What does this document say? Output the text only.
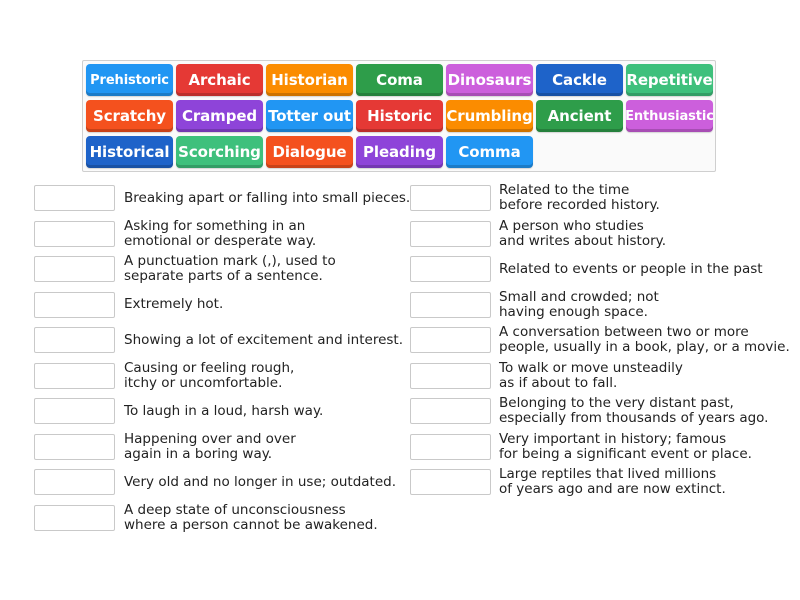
Prehistoric	Archaic	Historian	Coma	Dinosaurs	Cackle	Repetitive
Scratchy	Cramped Totter out	Historic Crumbling	Ancient	Enthusiastic
Historical Scorching Dialogue	Pleading	Comma
Breaking apart or falling into small pieces.
Asking for something in an
emotional or desperate way.
A punctuation mark (,), used to
separate parts of a sentence.
Extremely hot.
Showing a lot of excitement and interest.
Causing or feeling rough,
itchy or uncomfortable.
To laugh in a loud, harsh way.
Happening over and over
again in a boring way.
Very old and no longer in use; outdated.
A deep state of unconsciousness
where a person cannot be awakened.
Related to the time
before recorded history.
A person who studies
and writes about history.
Related to events or people in the past
Small and crowded; not
having enough space.
A conversation between two or more
people, usually in a book, play, or a movie.
To walk or move unsteadily
as if about to fall.
Belonging to the very distant past,
especially from thousands of years ago.
Very important in history; famous
for being a significant event or place.
Large reptiles that lived millions
of years ago and are now extinct.
